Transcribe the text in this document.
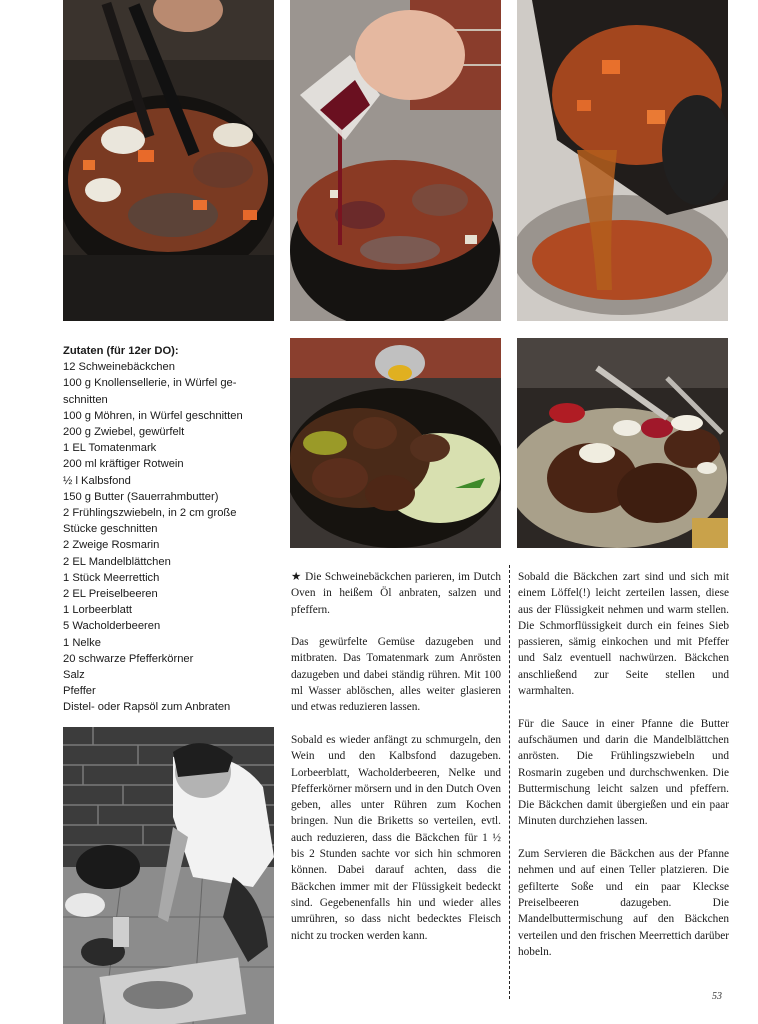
Zutaten (für 12er DO):
12 Schweinebäckchen
100 g Knollensellerie, in Würfel ge-
schnitten
100 g Möhren, in Würfel geschnitten
200 g Zwiebel, gewürfelt
1 EL Tomatenmark
200 ml kräftiger Rotwein
½ l Kalbsfond
150 g Butter (Sauerrahmbutter)
2 Frühlingszwiebeln, in 2 cm große
Stücke geschnitten
2 Zweige Rosmarin
2 EL Mandelblättchen
1 Stück Meerrettich
2 EL Preiselbeeren
1 Lorbeerblatt
5 Wacholderbeeren
1 Nelke
20 schwarze Pfefferkörner
Salz
Pfeffer
Distel- oder Rapsöl zum Anbraten

★ Die Schweinebäckchen parieren, im Dutch Oven in heißem Öl anbraten, salzen und pfeffern.

Das gewürfelte Gemüse dazugeben und mitbraten. Das Tomatenmark zum Anrösten dazugeben und dabei ständig rühren. Mit 100 ml Wasser ablöschen, alles weiter glasieren und etwas reduzieren lassen.

Sobald es wieder anfängt zu schmurgeln, den Wein und den Kalbsfond dazugeben. Lorbeerblatt, Wacholderbeeren, Nelke und Pfefferkörner mörsern und in den Dutch Oven geben, alles unter Rühren zum Kochen bringen. Nun die Briketts so verteilen, evtl. auch reduzieren, dass die Bäckchen für 1 ½ bis 2 Stunden sachte vor sich hin schmoren können. Dabei darauf achten, dass die Bäckchen immer mit der Flüssigkeit bedeckt sind. Gegebenenfalls hin und wieder alles umrühren, so dass nicht bedecktes Fleisch nicht zu trocken werden kann.

Sobald die Bäckchen zart sind und sich mit einem Löffel(!) leicht zerteilen lassen, diese aus der Flüssigkeit nehmen und warm stellen. Die Schmorflüssigkeit durch ein feines Sieb passieren, sämig einkochen und mit Pfeffer und Salz eventuell nachwürzen. Bäckchen anschließend zur Seite stellen und warmhalten.

Für die Sauce in einer Pfanne die Butter aufschäumen und darin die Mandelblättchen anrösten. Die Frühlingszwiebeln und Rosmarin zugeben und durchschwenken. Die Buttermischung leicht salzen und pfeffern. Die Bäckchen damit übergießen und ein paar Minuten durchziehen lassen.

Zum Servieren die Bäckchen aus der Pfanne nehmen und auf einen Teller platzieren. Die gefilterte Soße und ein paar Kleckse Preiselbeeren dazugeben. Die Mandelbuttermischung auf den Bäckchen verteilen und den frischen Meerrettich darüber hobeln.

53
